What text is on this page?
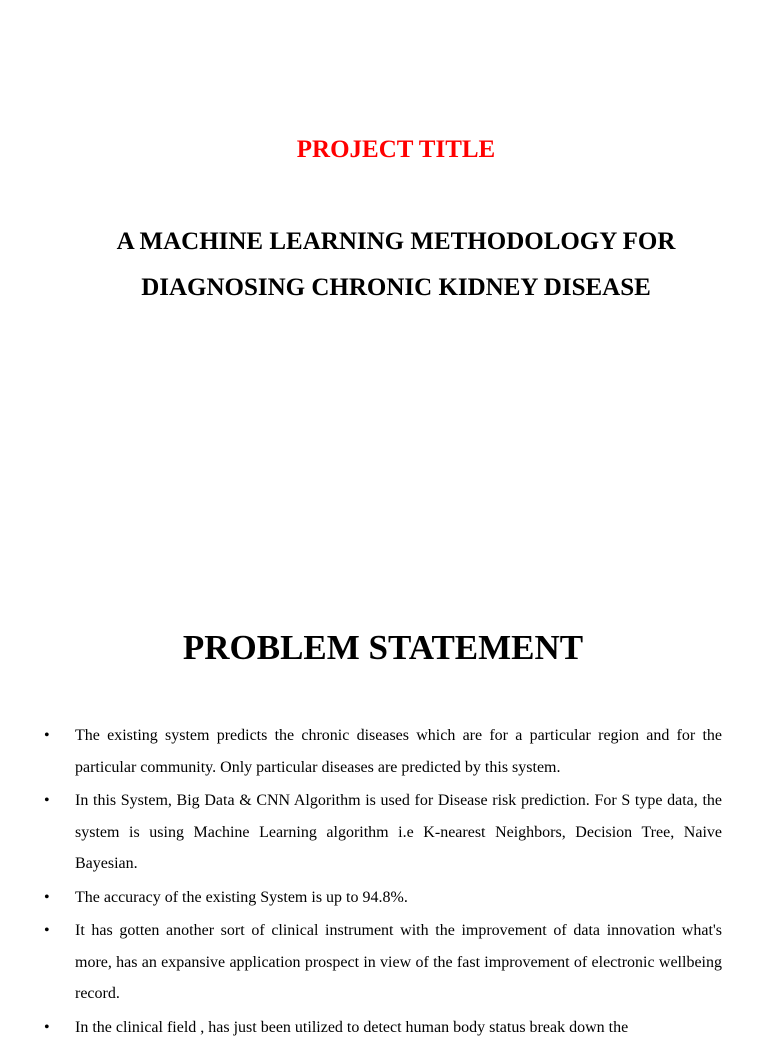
PROJECT TITLE
A MACHINE LEARNING METHODOLOGY FOR
DIAGNOSING CHRONIC KIDNEY DISEASE
PROBLEM STATEMENT
•	The existing system predicts the chronic diseases which are for a particular region and for the particular community. Only particular diseases are predicted by this system.
•	In this System, Big Data & CNN Algorithm is used for Disease risk prediction. For S type data, the system is using Machine Learning algorithm i.e K-nearest Neighbors, Decision Tree, Naive Bayesian.
•	The accuracy of the existing System is up to 94.8%.
•	It has gotten another sort of clinical instrument with the improvement of data innovation what's more, has an expansive application prospect in view of the fast improvement of electronic wellbeing record.
•	In the clinical field , has just been utilized to detect human body status break down the
